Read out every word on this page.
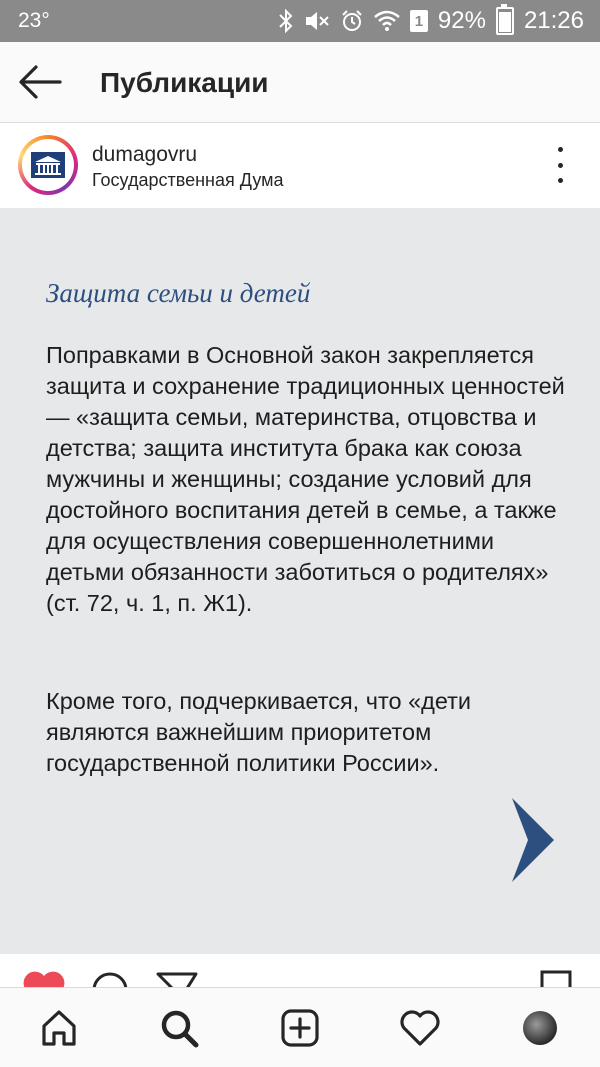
23°	1 92% 21:26
Публикации
dumagovru
Государственная Дума
Защита семьи и детей

Поправками в Основной закон закрепляется защита и сохранение традиционных ценностей — «защита семьи, материнства, отцовства и детства; защита института брака как союза мужчины и женщины; создание условий для достойного воспитания детей в семье, а также для осуществления совершеннолетними детьми обязанности заботиться о родителях» (ст. 72, ч. 1, п. Ж1).

Кроме того, подчеркивается, что «дети являются важнейшим приоритетом государственной политики России».
